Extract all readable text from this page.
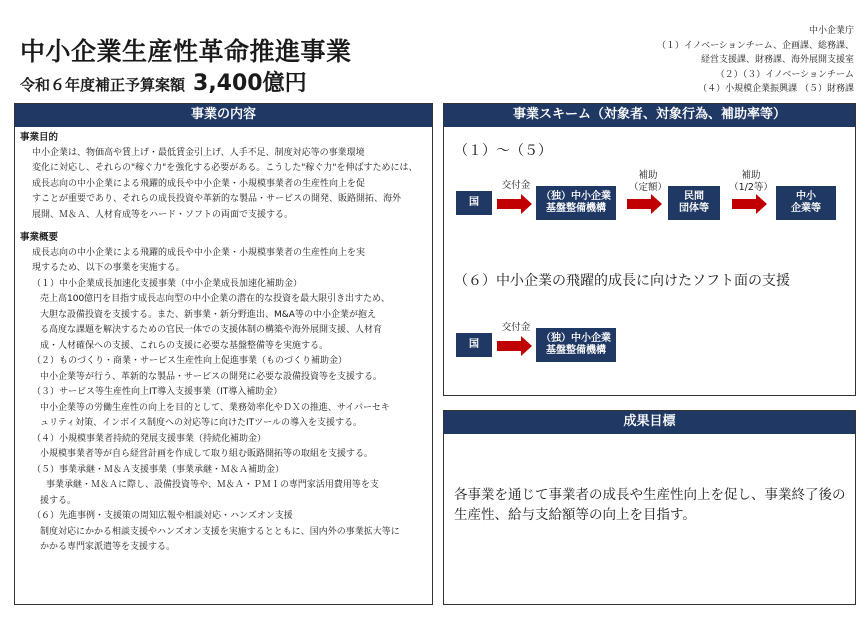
中小企業生産性革命推進事業
令和６年度補正予算案額 3,400億円
中小企業庁
（１）イノベーションチーム、企画課、総務課、
経営支援課、財務課、海外展開支援室
（２）（３）イノベーションチーム
（４）小規模企業振興課 （５）財務課
事業の内容
事業目的
中小企業は、物価高や賃上げ・最低賃金引上げ、人手不足、制度対応等の事業環境
変化に対応し、それらの"稼ぐ力"を強化する必要がある。こうした"稼ぐ力"を伸ばすためには、
成長志向の中小企業による飛躍的成長や中小企業・小規模事業者の生産性向上を促
すことが重要であり、それらの成長投資や革新的な製品・サービスの開発、販路開拓、海外
展開、Ｍ＆Ａ、人材育成等をハード・ソフトの両面で支援する。
事業概要
成長志向の中小企業による飛躍的成長や中小企業・小規模事業者の生産性向上を実
現するため、以下の事業を実施する。
（１）中小企業成長加速化支援事業（中小企業成長加速化補助金）
売上高100億円を目指す成長志向型の中小企業の潜在的な投資を最大限引き出すため、
大胆な設備投資を支援する。また、新事業・新分野進出、M&A等の中小企業が抱え
る高度な課題を解決するための官民一体での支援体制の構築や海外展開支援、人材育
成・人材確保への支援、これらの支援に必要な基盤整備等を実施する。
（２）ものづくり・商業・サービス生産性向上促進事業（ものづくり補助金）
中小企業等が行う、革新的な製品・サービスの開発に必要な設備投資等を支援する。
（３）サービス等生産性向上IT導入支援事業（IT導入補助金）
中小企業等の労働生産性の向上を目的として、業務効率化やＤＸの推進、サイバーセキ
ュリティ対策、インボイス制度への対応等に向けたITツールの導入を支援する。
（４）小規模事業者持続的発展支援事業（持続化補助金）
小規模事業者等が自ら経営計画を作成して取り組む販路開拓等の取組を支援する。
（５）事業承継・Ｍ＆Ａ支援事業（事業承継・Ｍ＆Ａ補助金）
事業承継・Ｍ＆Ａに際し、設備投資等や、Ｍ＆Ａ・ＰＭＩの専門家活用費用等を支
援する。
（６）先進事例・支援策の周知広報や相談対応・ハンズオン支援
制度対応にかかる相談支援やハンズオン支援を実施するとともに、国内外の事業拡大等に
かかる専門家派遣等を支援する。
事業スキーム（対象者、対象行為、補助率等）
（１）～（５）
国
交付金
（独）中小企業
基盤整備機構
補助
（定額）
民間
団体等
補助
（1/2等）
中小
企業等
（６）中小企業の飛躍的成長に向けたソフト面の支援
国
交付金
（独）中小企業
基盤整備機構
成果目標
各事業を通じて事業者の成長や生産性向上を促し、事業終了後の生産性、給与支給額等の向上を目指す。
